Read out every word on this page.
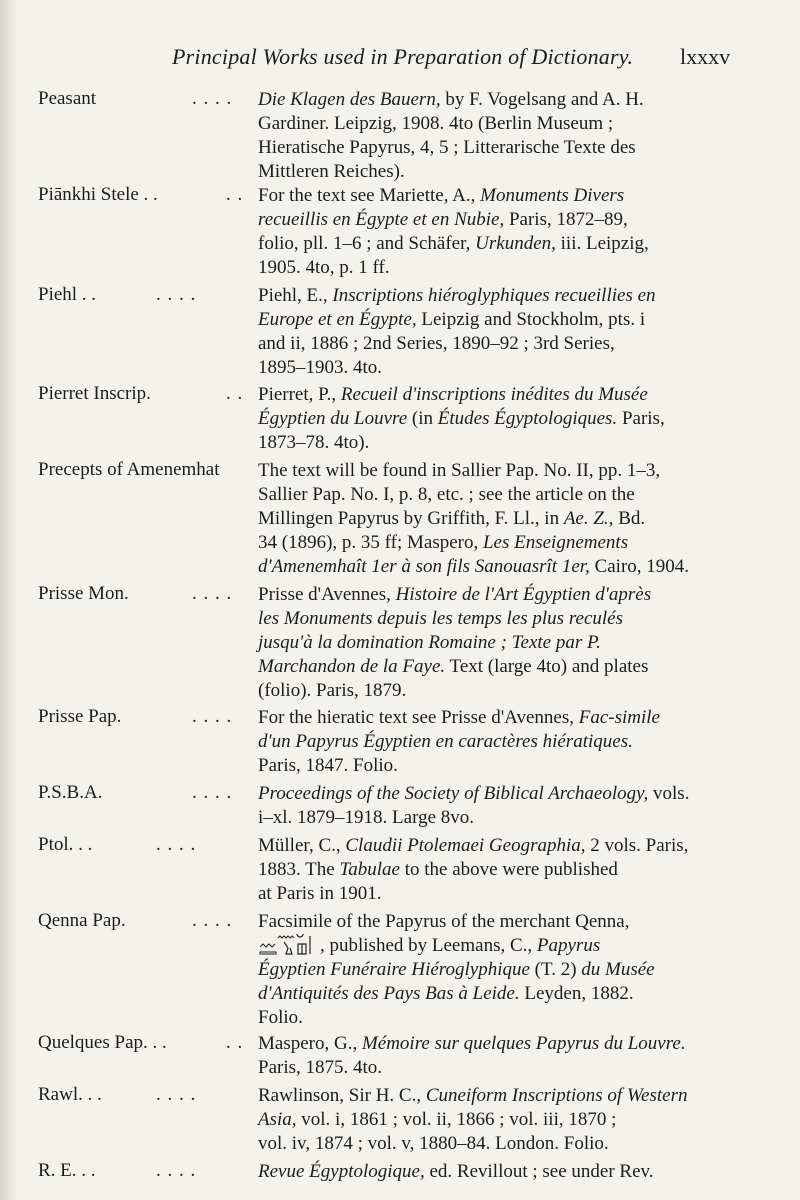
Principal Works used in Preparation of Dictionary. lxxxv
Peasant	. . . . Die Klagen des Bauern, by F. Vogelsang and A. H.
Gardiner. Leipzig, 1908. 4to (Berlin Museum ;
Hieratische Papyrus, 4, 5 ; Litterarische Texte des
Mittleren Reiches).
Piānkhi Stele . .	. . For the text see Mariette, A., Monuments Divers
recueillis en Égypte et en Nubie, Paris, 1872–89,
folio, pll. 1–6 ; and Schäfer, Urkunden, iii. Leipzig,
1905. 4to, p. 1 ff.
Piehl . .	. . . .	Piehl, E., Inscriptions hiéroglyphiques recueillies en
Europe et en Égypte, Leipzig and Stockholm, pts. i
and ii, 1886 ; 2nd Series, 1890–92 ; 3rd Series,
1895–1903. 4to.
Pierret Inscrip.	. . Pierret, P., Recueil d'inscriptions inédites du Musée
Égyptien du Louvre (in Études Égyptologiques. Paris,
1873–78. 4to).
Precepts of Amenemhat The text will be found in Sallier Pap. No. II, pp. 1–3,
Sallier Pap. No. I, p. 8, etc. ; see the article on the
Millingen Papyrus by Griffith, F. Ll., in Ae. Z., Bd.
34 (1896), p. 35 ff; Maspero, Les Enseignements
d'Amenemhaît 1er à son fils Sanouasrît 1er, Cairo, 1904.
Prisse Mon.	. . . . Prisse d'Avennes, Histoire de l'Art Égyptien d'après
les Monuments depuis les temps les plus reculés
jusqu'à la domination Romaine ; Texte par P.
Marchandon de la Faye. Text (large 4to) and plates
(folio). Paris, 1879.
Prisse Pap.	. . . . For the hieratic text see Prisse d'Avennes, Fac-simile
d'un Papyrus Égyptien en caractères hiératiques.
Paris, 1847. Folio.
P.S.B.A.	. . . . Proceedings of the Society of Biblical Archaeology, vols.
i–xl. 1879–1918. Large 8vo.
Ptol. . .	. . . .	Müller, C., Claudii Ptolemaei Geographia, 2 vols. Paris,
1883. The Tabulae to the above were published
at Paris in 1901.
Qenna Pap.	. . . . Facsimile of the Papyrus of the merchant Qenna,
, published by Leemans, C., Papyrus
Égyptien Funéraire Hiéroglyphique (T. 2) du Musée
d'Antiquités des Pays Bas à Leide. Leyden, 1882.
Folio.
Quelques Pap. . .	. . Maspero, G., Mémoire sur quelques Papyrus du Louvre.
Paris, 1875. 4to.
Rawl. . .	. . . .	Rawlinson, Sir H. C., Cuneiform Inscriptions of Western
Asia, vol. i, 1861 ; vol. ii, 1866 ; vol. iii, 1870 ;
vol. iv, 1874 ; vol. v, 1880–84. London. Folio.
R. E. . .	. . . .	Revue Égyptologique, ed. Revillout ; see under Rev.
